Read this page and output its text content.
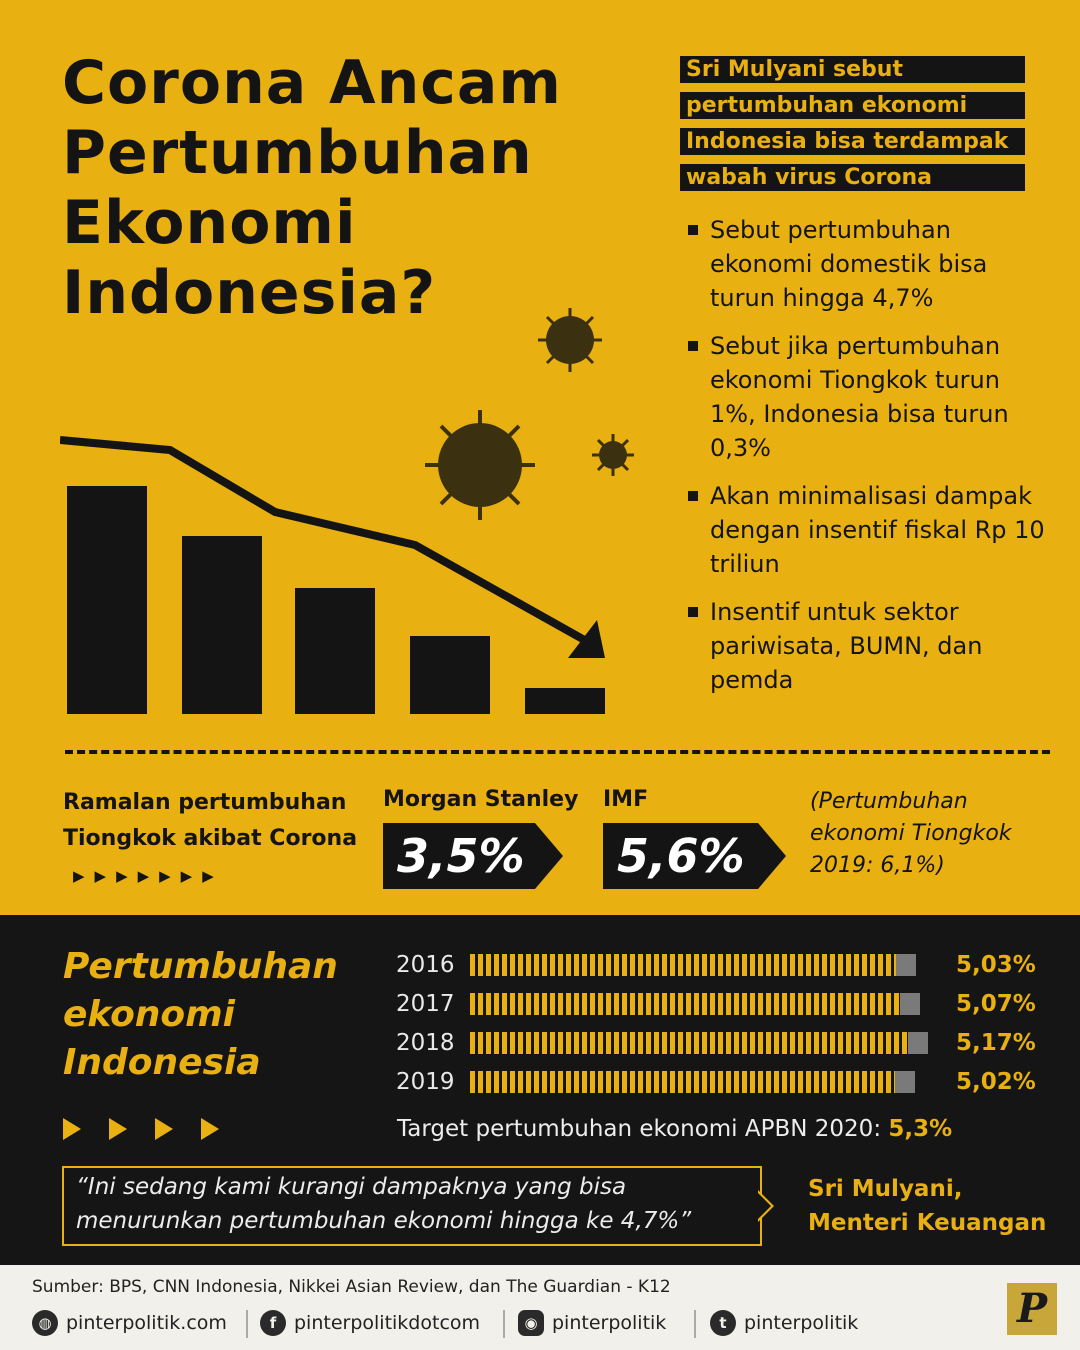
Corona Ancam
Pertumbuhan
Ekonomi
Indonesia?
Sri Mulyani sebut
pertumbuhan ekonomi
Indonesia bisa terdampak
wabah virus Corona
Sebut pertumbuhan ekonomi domestik bisa turun hingga 4,7%
Sebut jika pertumbuhan ekonomi Tiongkok turun 1%, Indonesia bisa turun 0,3%
Akan minimalisasi dampak dengan insentif fiskal Rp 10 triliun
Insentif untuk sektor pariwisata, BUMN, dan pemda
Ramalan pertumbuhan Tiongkok akibat Corona▶▶▶▶▶▶▶
Morgan Stanley
3,5%
IMF
5,6%
(Pertumbuhan ekonomi Tiongkok 2019: 6,1%)
Pertumbuhan ekonomi Indonesia
2016	5,03%
2017	5,07%
2018	5,17%
2019	5,02%
Target pertumbuhan ekonomi APBN 2020: 5,3%
“Ini sedang kami kurangi dampaknya yang bisa menurunkan pertumbuhan ekonomi hingga ke 4,7%”
Sri Mulyani,
Menteri Keuangan
Sumber: BPS, CNN Indonesia, Nikkei Asian Review, dan The Guardian - K12
◍ pinterpolitik.com	f pinterpolitikdotcom	◉ pinterpolitik	t pinterpolitik	P
